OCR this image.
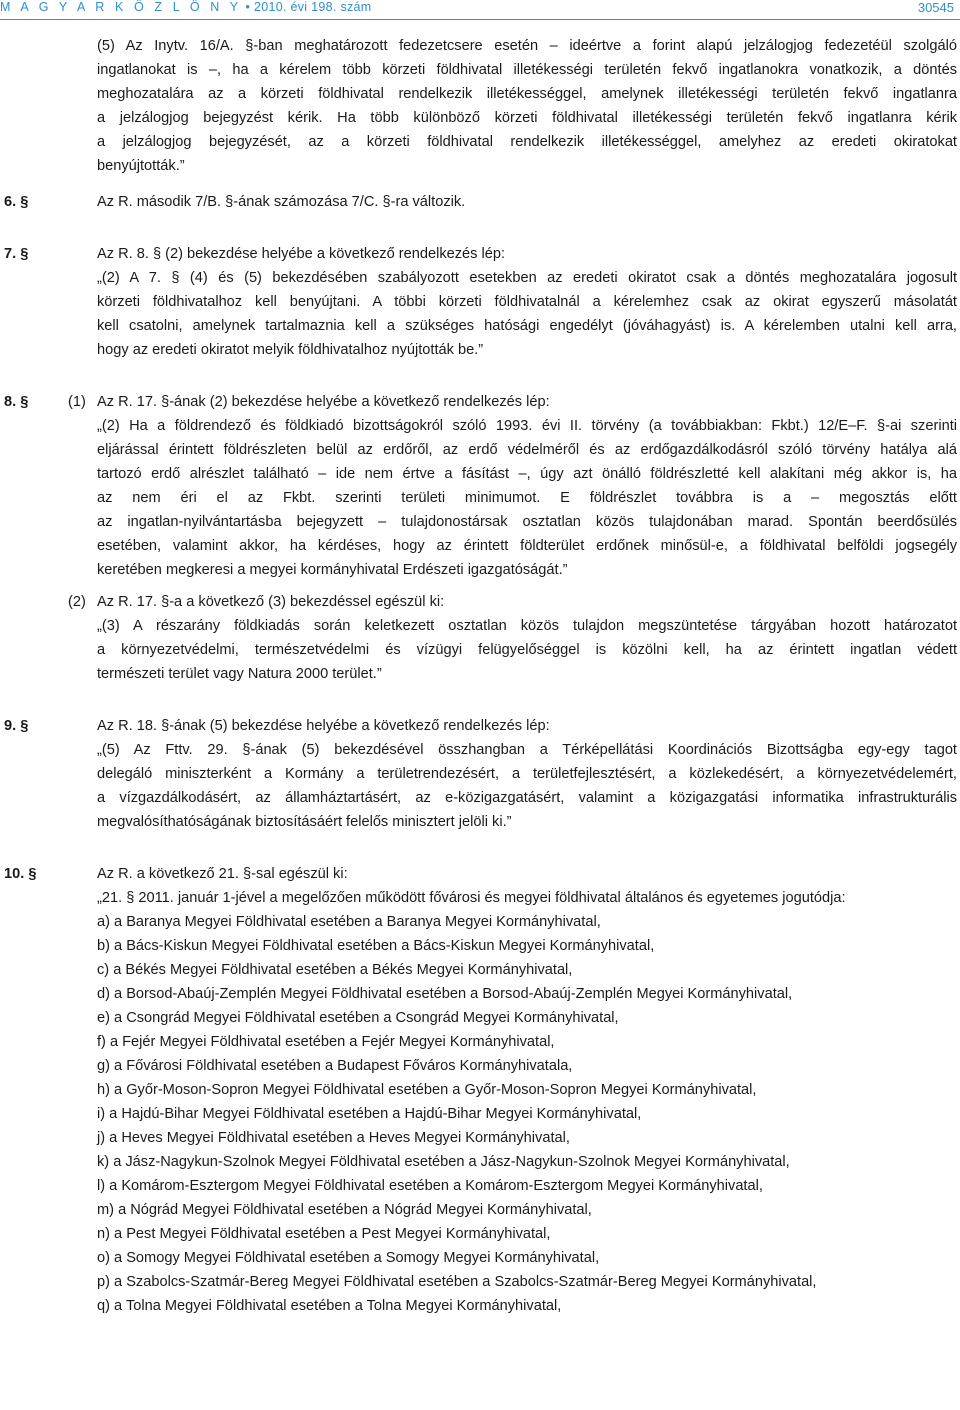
M A G Y A R K Ö Z L Ö N Y • 2010. évi 198. szám	30545
(5) Az Inytv. 16/A. §-ban meghatározott fedezetcsere esetén – ideértve a forint alapú jelzálogjog fedezetéül szolgáló
ingatlanokat is –, ha a kérelem több körzeti földhivatal illetékességi területén fekvő ingatlanokra vonatkozik, a döntés
meghozatalára az a körzeti földhivatal rendelkezik illetékességgel, amelynek illetékességi területén fekvő ingatlanra
a jelzálogjog bejegyzést kérik. Ha több különböző körzeti földhivatal illetékességi területén fekvő ingatlanra kérik
a jelzálogjog bejegyzését, az a körzeti földhivatal rendelkezik illetékességgel, amelyhez az eredeti okiratokat
benyújtották.”
6. §	Az R. második 7/B. §-ának számozása 7/C. §-ra változik.
7. §	Az R. 8. § (2) bekezdése helyébe a következő rendelkezés lép:
„(2) A 7. § (4) és (5) bekezdésében szabályozott esetekben az eredeti okiratot csak a döntés meghozatalára jogosult
körzeti földhivatalhoz kell benyújtani. A többi körzeti földhivatalnál a kérelemhez csak az okirat egyszerű másolatát
kell csatolni, amelynek tartalmaznia kell a szükséges hatósági engedélyt (jóváhagyást) is. A kérelemben utalni kell arra,
hogy az eredeti okiratot melyik földhivatalhoz nyújtották be.”
8. §	(1) Az R. 17. §-ának (2) bekezdése helyébe a következő rendelkezés lép:
„(2) Ha a földrendező és földkiadó bizottságokról szóló 1993. évi II. törvény (a továbbiakban: Fkbt.) 12/E–F. §-ai szerinti
eljárással érintett földrészleten belül az erdőről, az erdő védelméről és az erdőgazdálkodásról szóló törvény hatálya alá
tartozó erdő alrészlet található – ide nem értve a fásítást –, úgy azt önálló földrészletté kell alakítani még akkor is, ha
az nem éri el az Fkbt. szerinti területi minimumot. E földrészlet továbbra is a – megosztás előtt
az ingatlan-nyilvántartásba bejegyzett – tulajdonostársak osztatlan közös tulajdonában marad. Spontán beerdősülés
esetében, valamint akkor, ha kérdéses, hogy az érintett földterület erdőnek minősül-e, a földhivatal belföldi jogsegély
keretében megkeresi a megyei kormányhivatal Erdészeti igazgatóságát.”
(2) Az R. 17. §-a a következő (3) bekezdéssel egészül ki:
„(3) A részarány földkiadás során keletkezett osztatlan közös tulajdon megszüntetése tárgyában hozott határozatot
a környezetvédelmi, természetvédelmi és vízügyi felügyelőséggel is közölni kell, ha az érintett ingatlan védett
természeti terület vagy Natura 2000 terület.”
9. §	Az R. 18. §-ának (5) bekezdése helyébe a következő rendelkezés lép:
„(5) Az Fttv. 29. §-ának (5) bekezdésével összhangban a Térképellátási Koordinációs Bizottságba egy-egy tagot
delegáló miniszterként a Kormány a területrendezésért, a területfejlesztésért, a közlekedésért, a környezetvédelemért,
a vízgazdálkodásért, az államháztartásért, az e-közigazgatásért, valamint a közigazgatási informatika infrastrukturális
megvalósíthatóságának biztosításáért felelős minisztert jelöli ki.”
10. §	Az R. a következő 21. §-sal egészül ki:
„21. § 2011. január 1-jével a megelőzően működött fővárosi és megyei földhivatal általános és egyetemes jogutódja:
a) a Baranya Megyei Földhivatal esetében a Baranya Megyei Kormányhivatal,
b) a Bács-Kiskun Megyei Földhivatal esetében a Bács-Kiskun Megyei Kormányhivatal,
c) a Békés Megyei Földhivatal esetében a Békés Megyei Kormányhivatal,
d) a Borsod-Abaúj-Zemplén Megyei Földhivatal esetében a Borsod-Abaúj-Zemplén Megyei Kormányhivatal,
e) a Csongrád Megyei Földhivatal esetében a Csongrád Megyei Kormányhivatal,
f) a Fejér Megyei Földhivatal esetében a Fejér Megyei Kormányhivatal,
g) a Fővárosi Földhivatal esetében a Budapest Főváros Kormányhivatala,
h) a Győr-Moson-Sopron Megyei Földhivatal esetében a Győr-Moson-Sopron Megyei Kormányhivatal,
i) a Hajdú-Bihar Megyei Földhivatal esetében a Hajdú-Bihar Megyei Kormányhivatal,
j) a Heves Megyei Földhivatal esetében a Heves Megyei Kormányhivatal,
k) a Jász-Nagykun-Szolnok Megyei Földhivatal esetében a Jász-Nagykun-Szolnok Megyei Kormányhivatal,
l) a Komárom-Esztergom Megyei Földhivatal esetében a Komárom-Esztergom Megyei Kormányhivatal,
m) a Nógrád Megyei Földhivatal esetében a Nógrád Megyei Kormányhivatal,
n) a Pest Megyei Földhivatal esetében a Pest Megyei Kormányhivatal,
o) a Somogy Megyei Földhivatal esetében a Somogy Megyei Kormányhivatal,
p) a Szabolcs-Szatmár-Bereg Megyei Földhivatal esetében a Szabolcs-Szatmár-Bereg Megyei Kormányhivatal,
q) a Tolna Megyei Földhivatal esetében a Tolna Megyei Kormányhivatal,
